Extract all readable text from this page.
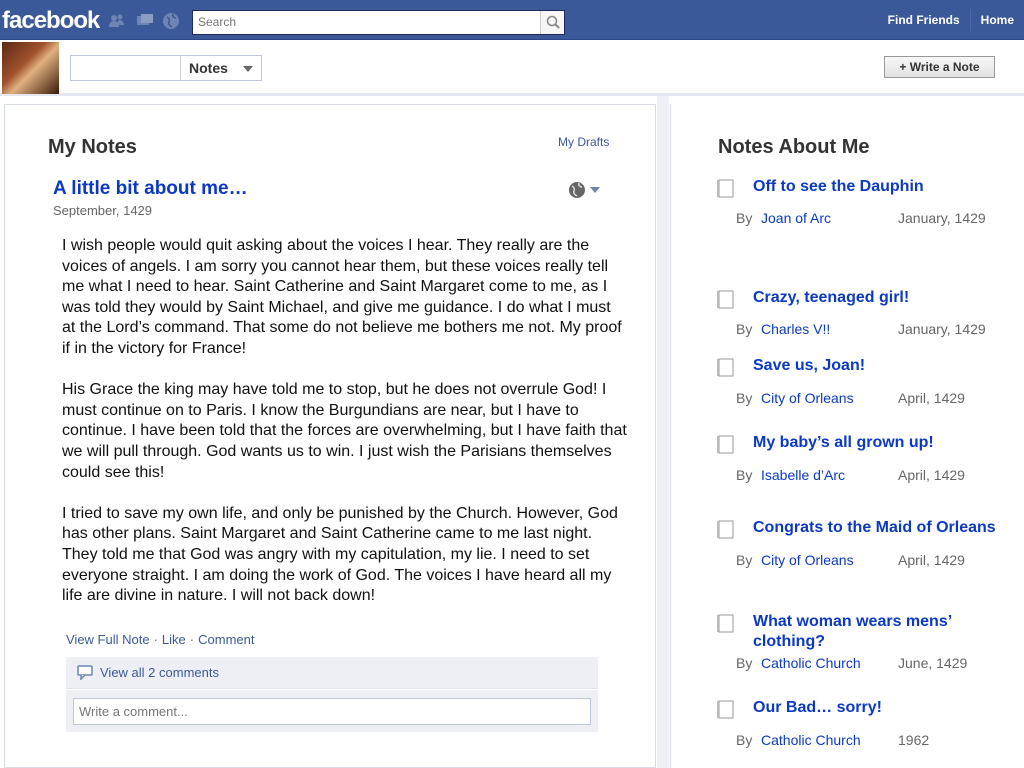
facebook
Search	Find Friends	Home
Notes	+ Write a Note
My Notes	My Drafts
A little bit about me…
September, 1429

I wish people would quit asking about the voices I hear. They really are the voices of angels. I am sorry you cannot hear them, but these voices really tell me what I need to hear. Saint Catherine and Saint Margaret come to me, as I was told they would by Saint Michael, and give me guidance. I do what I must at the Lord’s command. That some do not believe me bothers me not. My proof if in the victory for France!

His Grace the king may have told me to stop, but he does not overrule God! I must continue on to Paris. I know the Burgundians are near, but I have to continue. I have been told that the forces are overwhelming, but I have faith that we will pull through. God wants us to win. I just wish the Parisians themselves could see this!

I tried to save my own life, and only be punished by the Church. However, God has other plans. Saint Margaret and Saint Catherine came to me last night. They told me that God was angry with my capitulation, my lie. I need to set everyone straight. I am doing the work of God. The voices I have heard all my life are divine in nature. I will not back down!

View Full Note · Like · Comment
View all 2 comments
Write a comment...
Notes About Me
Off to see the Dauphin
By Joan of Arc	January, 1429
Crazy, teenaged girl!
By Charles V!!	January, 1429
Save us, Joan!
By City of Orleans	April, 1429
My baby’s all grown up!
By Isabelle d’Arc	April, 1429
Congrats to the Maid of Orleans
By City of Orleans	April, 1429
What woman wears mens’ clothing?
By Catholic Church	June, 1429
Our Bad… sorry!
By Catholic Church	1962
